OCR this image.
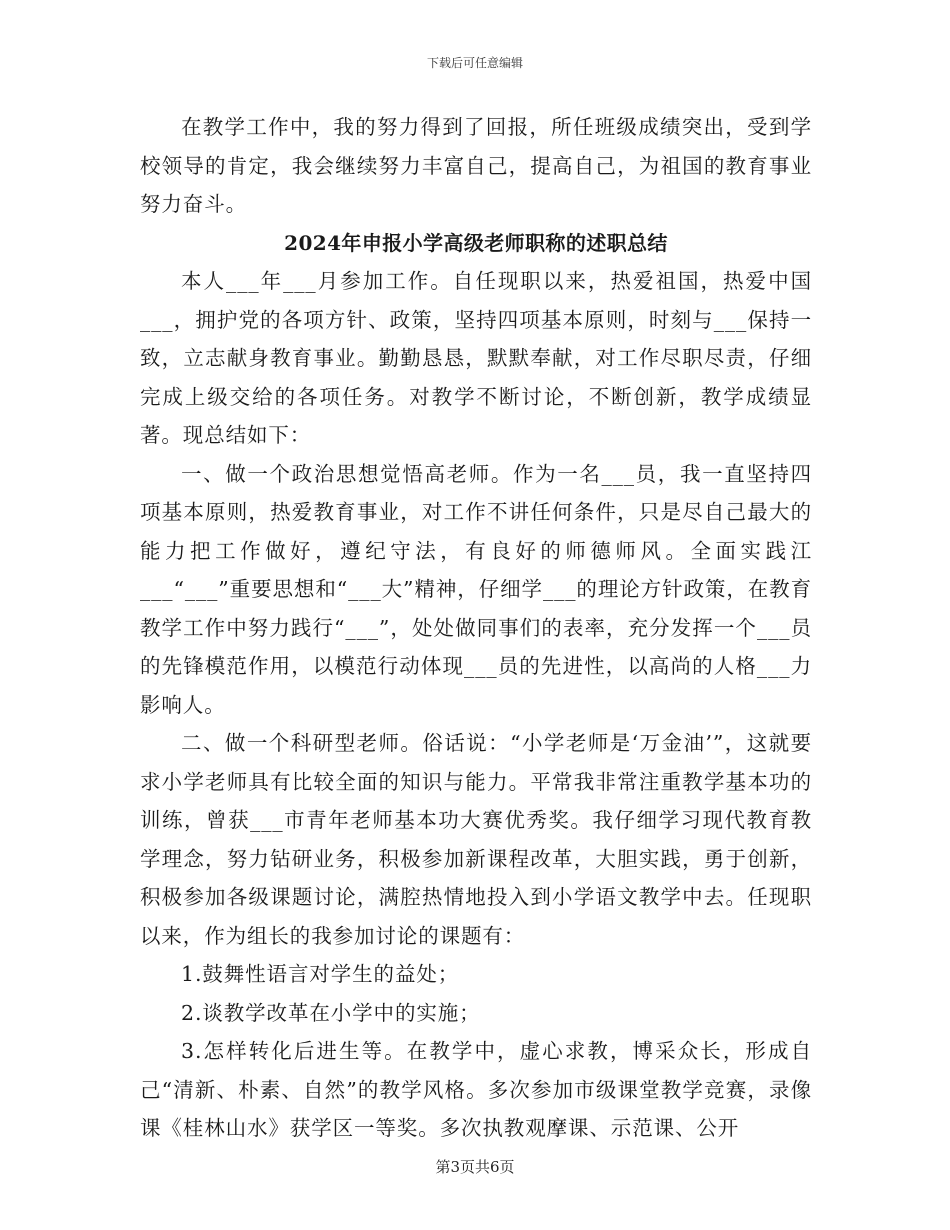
下载后可任意编辑

在教学工作中，我的努力得到了回报，所任班级成绩突出，受到学校领导的肯定，我会继续努力丰富自己，提高自己，为祖国的教育事业努力奋斗。

2024年申报小学高级老师职称的述职总结

本人___年___月参加工作。自任现职以来，热爱祖国，热爱中国___，拥护党的各项方针、政策，坚持四项基本原则，时刻与___保持一致，立志献身教育事业。勤勤恳恳，默默奉献，对工作尽职尽责，仔细完成上级交给的各项任务。对教学不断讨论，不断创新，教学成绩显著。现总结如下：

一、做一个政治思想觉悟高老师。作为一名___员，我一直坚持四项基本原则，热爱教育事业，对工作不讲任何条件，只是尽自己最大的能力把工作做好，遵纪守法，有良好的师德师风。全面实践江___“___”重要思想和“___大”精神，仔细学___的理论方针政策，在教育教学工作中努力践行“___”，处处做同事们的表率，充分发挥一个___员的先锋模范作用，以模范行动体现___员的先进性，以高尚的人格___力影响人。

二、做一个科研型老师。俗话说：“小学老师是‘万金油’”，这就要求小学老师具有比较全面的知识与能力。平常我非常注重教学基本功的训练，曾获___市青年老师基本功大赛优秀奖。我仔细学习现代教育教学理念，努力钻研业务，积极参加新课程改革，大胆实践，勇于创新，积极参加各级课题讨论，满腔热情地投入到小学语文教学中去。任现职以来，作为组长的我参加讨论的课题有：

1.鼓舞性语言对学生的益处；

2.谈教学改革在小学中的实施；

3.怎样转化后进生等。在教学中，虚心求教，博采众长，形成自己“清新、朴素、自然”的教学风格。多次参加市级课堂教学竞赛，录像课《桂林山水》获学区一等奖。多次执教观摩课、示范课、公开

第3页共6页
